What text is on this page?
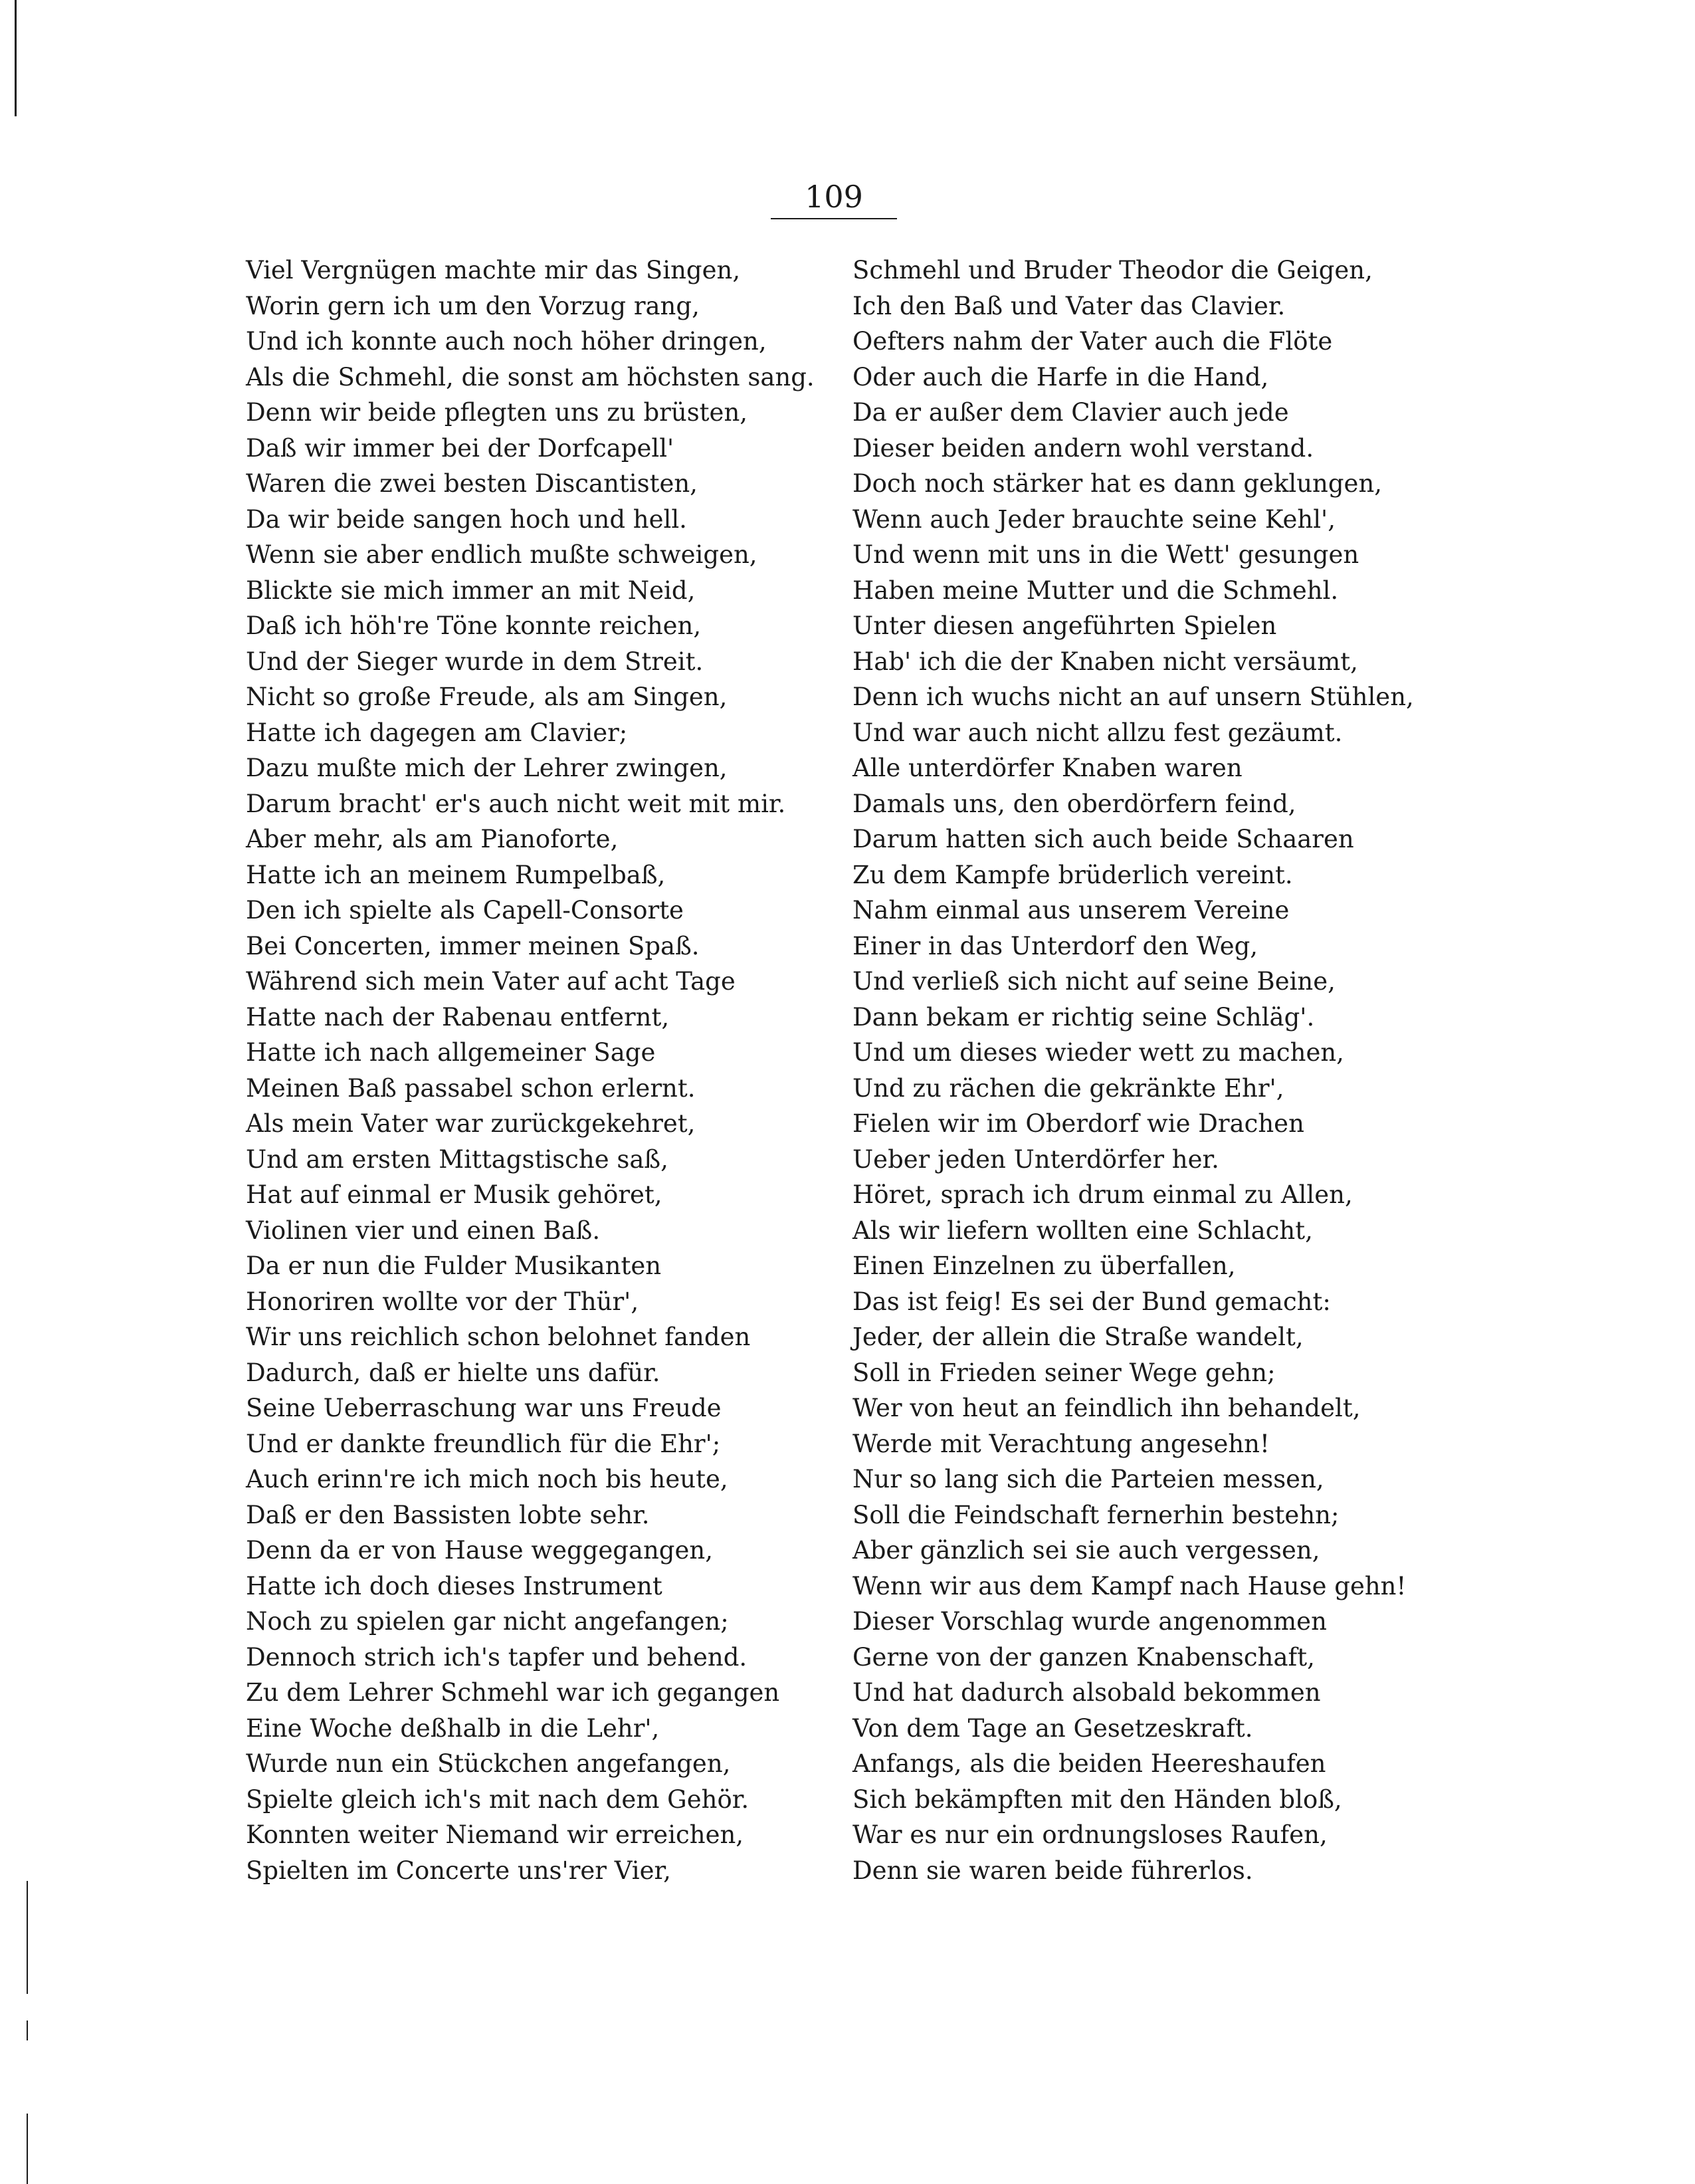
109
Viel Vergnügen machte mir das Singen,
Worin gern ich um den Vorzug rang,
Und ich konnte auch noch höher dringen,
Als die Schmehl, die sonst am höchsten sang.
Denn wir beide pflegten uns zu brüsten,
Daß wir immer bei der Dorfcapell'
Waren die zwei besten Discantisten,
Da wir beide sangen hoch und hell.
Wenn sie aber endlich mußte schweigen,
Blickte sie mich immer an mit Neid,
Daß ich höh're Töne konnte reichen,
Und der Sieger wurde in dem Streit.
Nicht so große Freude, als am Singen,
Hatte ich dagegen am Clavier;
Dazu mußte mich der Lehrer zwingen,
Darum bracht' er's auch nicht weit mit mir.
Aber mehr, als am Pianoforte,
Hatte ich an meinem Rumpelbaß,
Den ich spielte als Capell-Consorte
Bei Concerten, immer meinen Spaß.
Während sich mein Vater auf acht Tage
Hatte nach der Rabenau entfernt,
Hatte ich nach allgemeiner Sage
Meinen Baß passabel schon erlernt.
Als mein Vater war zurückgekehret,
Und am ersten Mittagstische saß,
Hat auf einmal er Musik gehöret,
Violinen vier und einen Baß.
Da er nun die Fulder Musikanten
Honoriren wollte vor der Thür',
Wir uns reichlich schon belohnet fanden
Dadurch, daß er hielte uns dafür.
Seine Ueberraschung war uns Freude
Und er dankte freundlich für die Ehr';
Auch erinn're ich mich noch bis heute,
Daß er den Bassisten lobte sehr.
Denn da er von Hause weggegangen,
Hatte ich doch dieses Instrument
Noch zu spielen gar nicht angefangen;
Dennoch strich ich's tapfer und behend.
Zu dem Lehrer Schmehl war ich gegangen
Eine Woche deßhalb in die Lehr',
Wurde nun ein Stückchen angefangen,
Spielte gleich ich's mit nach dem Gehör.
Konnten weiter Niemand wir erreichen,
Spielten im Concerte uns'rer Vier,
Schmehl und Bruder Theodor die Geigen,
Ich den Baß und Vater das Clavier.
Oefters nahm der Vater auch die Flöte
Oder auch die Harfe in die Hand,
Da er außer dem Clavier auch jede
Dieser beiden andern wohl verstand.
Doch noch stärker hat es dann geklungen,
Wenn auch Jeder brauchte seine Kehl',
Und wenn mit uns in die Wett' gesungen
Haben meine Mutter und die Schmehl.
Unter diesen angeführten Spielen
Hab' ich die der Knaben nicht versäumt,
Denn ich wuchs nicht an auf unsern Stühlen,
Und war auch nicht allzu fest gezäumt.
Alle unterdörfer Knaben waren
Damals uns, den oberdörfern feind,
Darum hatten sich auch beide Schaaren
Zu dem Kampfe brüderlich vereint.
Nahm einmal aus unserem Vereine
Einer in das Unterdorf den Weg,
Und verließ sich nicht auf seine Beine,
Dann bekam er richtig seine Schläg'.
Und um dieses wieder wett zu machen,
Und zu rächen die gekränkte Ehr',
Fielen wir im Oberdorf wie Drachen
Ueber jeden Unterdörfer her.
Höret, sprach ich drum einmal zu Allen,
Als wir liefern wollten eine Schlacht,
Einen Einzelnen zu überfallen,
Das ist feig! Es sei der Bund gemacht:
Jeder, der allein die Straße wandelt,
Soll in Frieden seiner Wege gehn;
Wer von heut an feindlich ihn behandelt,
Werde mit Verachtung angesehn!
Nur so lang sich die Parteien messen,
Soll die Feindschaft fernerhin bestehn;
Aber gänzlich sei sie auch vergessen,
Wenn wir aus dem Kampf nach Hause gehn!
Dieser Vorschlag wurde angenommen
Gerne von der ganzen Knabenschaft,
Und hat dadurch alsobald bekommen
Von dem Tage an Gesetzeskraft.
Anfangs, als die beiden Heereshaufen
Sich bekämpften mit den Händen bloß,
War es nur ein ordnungsloses Raufen,
Denn sie waren beide führerlos.
